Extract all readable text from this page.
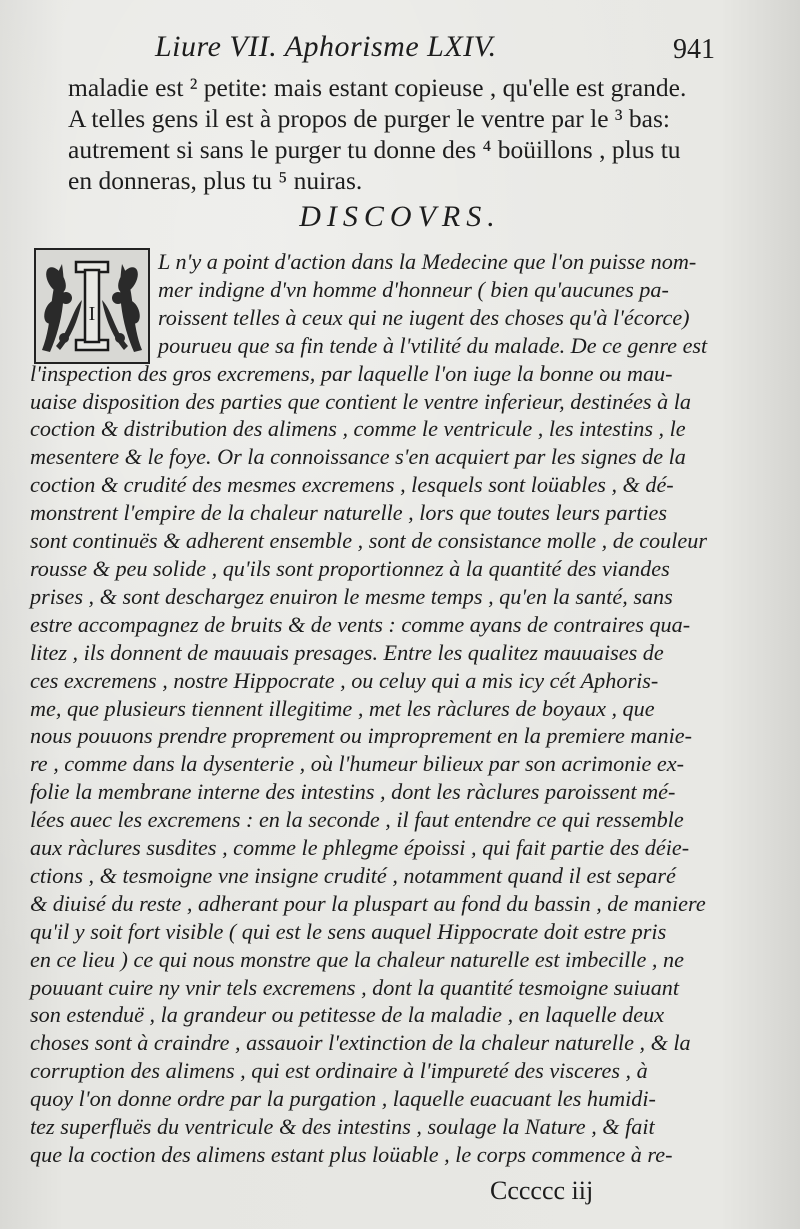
Liure VII. Aphorisme LXIV.	941
maladie est ² petite: mais estant copieuse , qu'elle est grande.
A telles gens il est à propos de purger le ventre par le ³ bas:
autrement si sans le purger tu donne des ⁴ boüillons , plus tu
en donneras, plus tu ⁵ nuiras.
DISCOVRS.
I
L n'y a point d'action dans la Medecine que l'on puisse nom-
mer indigne d'vn homme d'honneur ( bien qu'aucunes pa-
roissent telles à ceux qui ne iugent des choses qu'à l'écorce)
pourueu que sa fin tende à l'vtilité du malade. De ce genre est
l'inspection des gros excremens, par laquelle l'on iuge la bonne ou mau-
uaise disposition des parties que contient le ventre inferieur, destinées à la
coction & distribution des alimens , comme le ventricule , les intestins , le
mesentere & le foye. Or la connoissance s'en acquiert par les signes de la
coction & crudité des mesmes excremens , lesquels sont loüables , & dé-
monstrent l'empire de la chaleur naturelle , lors que toutes leurs parties
sont continuës & adherent ensemble , sont de consistance molle , de couleur
rousse & peu solide , qu'ils sont proportionnez à la quantité des viandes
prises , & sont deschargez enuiron le mesme temps , qu'en la santé, sans
estre accompagnez de bruits & de vents : comme ayans de contraires qua-
litez , ils donnent de mauuais presages. Entre les qualitez mauuaises de
ces excremens , nostre Hippocrate , ou celuy qui a mis icy cét Aphoris-
me, que plusieurs tiennent illegitime , met les ràclures de boyaux , que
nous pouuons prendre proprement ou improprement en la premiere manie-
re , comme dans la dysenterie , où l'humeur bilieux par son acrimonie ex-
folie la membrane interne des intestins , dont les ràclures paroissent mé-
lées auec les excremens : en la seconde , il faut entendre ce qui ressemble
aux ràclures susdites , comme le phlegme époissi , qui fait partie des déie-
ctions , & tesmoigne vne insigne crudité , notamment quand il est separé
& diuisé du reste , adherant pour la pluspart au fond du bassin , de maniere
qu'il y soit fort visible ( qui est le sens auquel Hippocrate doit estre pris
en ce lieu ) ce qui nous monstre que la chaleur naturelle est imbecille , ne
pouuant cuire ny vnir tels excremens , dont la quantité tesmoigne suiuant
son estenduë , la grandeur ou petitesse de la maladie , en laquelle deux
choses sont à craindre , assauoir l'extinction de la chaleur naturelle , & la
corruption des alimens , qui est ordinaire à l'impureté des visceres , à
quoy l'on donne ordre par la purgation , laquelle euacuant les humidi-
tez superfluës du ventricule & des intestins , soulage la Nature , & fait
que la coction des alimens estant plus loüable , le corps commence à re-
Cccccc iij
